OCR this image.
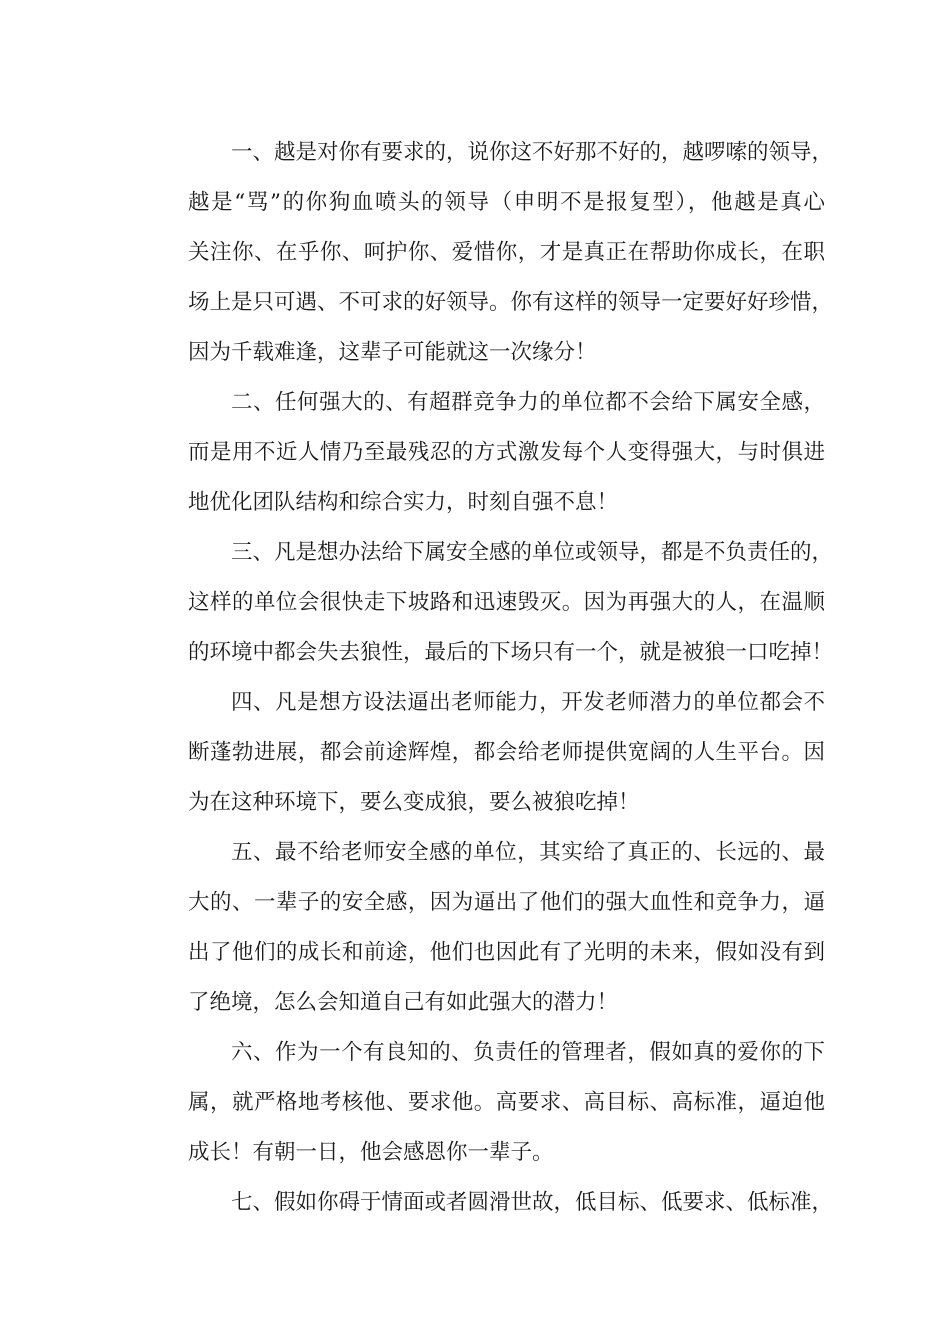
一、越是对你有要求的，说你这不好那不好的，越啰嗦的领导，
越是“骂”的你狗血喷头的领导（申明不是报复型），他越是真心
关注你、在乎你、呵护你、爱惜你，才是真正在帮助你成长，在职
场上是只可遇、不可求的好领导。你有这样的领导一定要好好珍惜，
因为千载难逢，这辈子可能就这一次缘分！
二、任何强大的、有超群竞争力的单位都不会给下属安全感，
而是用不近人情乃至最残忍的方式激发每个人变得强大，与时俱进
地优化团队结构和综合实力，时刻自强不息！
三、凡是想办法给下属安全感的单位或领导，都是不负责任的，
这样的单位会很快走下坡路和迅速毁灭。因为再强大的人，在温顺
的环境中都会失去狼性，最后的下场只有一个，就是被狼一口吃掉！
四、凡是想方设法逼出老师能力，开发老师潜力的单位都会不
断蓬勃进展，都会前途辉煌，都会给老师提供宽阔的人生平台。因
为在这种环境下，要么变成狼，要么被狼吃掉！
五、最不给老师安全感的单位，其实给了真正的、长远的、最
大的、一辈子的安全感，因为逼出了他们的强大血性和竞争力，逼
出了他们的成长和前途，他们也因此有了光明的未来，假如没有到
了绝境，怎么会知道自己有如此强大的潜力！
六、作为一个有良知的、负责任的管理者，假如真的爱你的下
属，就严格地考核他、要求他。高要求、高目标、高标准，逼迫他
成长！有朝一日，他会感恩你一辈子。
七、假如你碍于情面或者圆滑世故，低目标、低要求、低标准，
